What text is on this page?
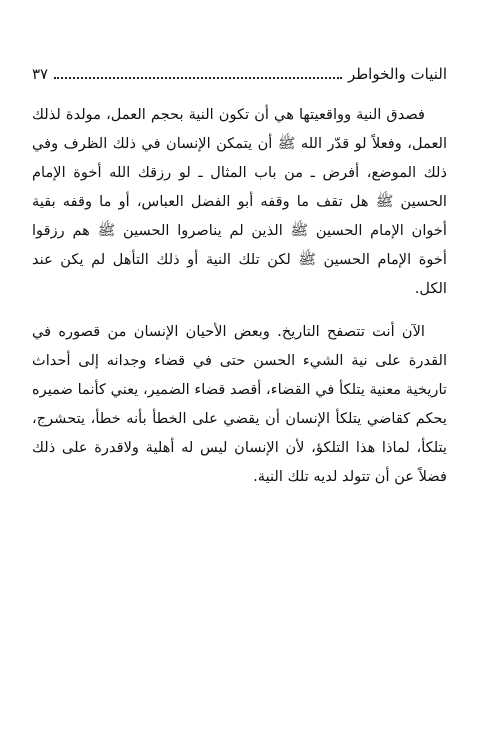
النيات والخواطر
٣٧

فصدق النية وواقعيتها هي أن تكون النية بحجم العمل، مولدة لذلك العمل، وفعلاً لو قدّر الله ﷺ أن يتمكن الإنسان في ذلك الظرف وفي ذلك الموضع، أفرض ـ من باب المثال ـ لو رزقك الله أخوة الإمام الحسين ﷺ هل تقف ما وقفه أبو الفضل العباس، أو ما وقفه بقية أخوان الإمام الحسين ﷺ الذين لم يناصروا الحسين ﷺ هم رزقوا أخوة الإمام الحسين ﷺ لكن تلك النية أو ذلك التأهل لم يكن عند الكل.

الآن أنت تتصفح التاريخ. وبعض الأحيان الإنسان من قصوره في القدرة على نية الشيء الحسن حتى في قضاء وجدانه إلى أحداث تاريخية معنية يتلكأ في القضاء، أقصد قضاء الضمير، يعني كأنما ضميره يحكم كقاضي يتلكأ الإنسان أن يقضي على الخطأ بأنه خطأ، يتحشرج، يتلكأ، لماذا هذا التلكؤ، لأن الإنسان ليس له أهلية ولاقدرة على ذلك فضلاً عن أن تتولد لديه تلك النية.
